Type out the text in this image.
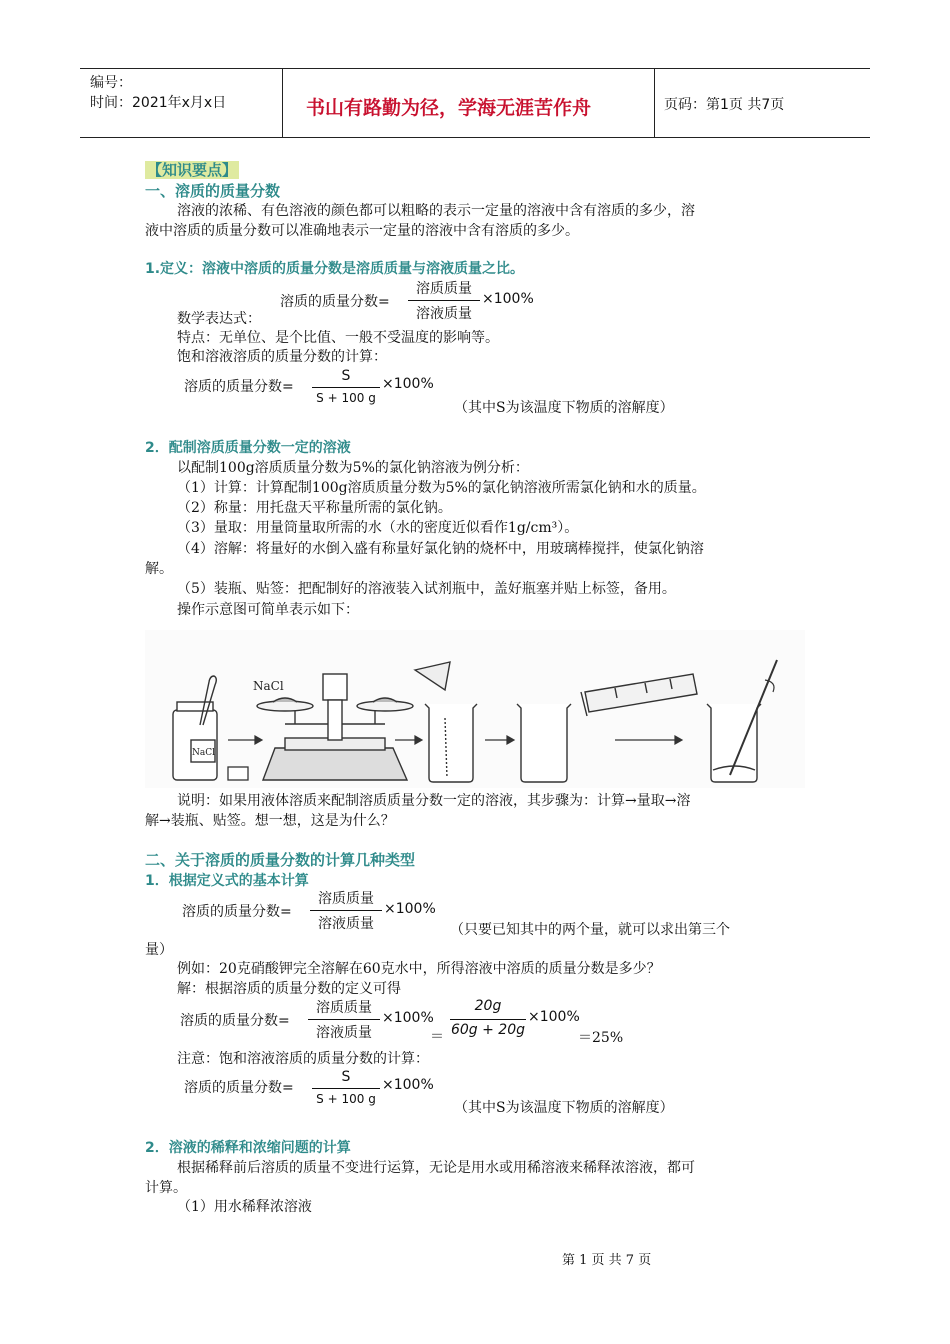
编号：
时间：2021年x月x日	书山有路勤为径，学海无涯苦作舟	页码：第1页 共7页
【知识要点】
一、溶质的质量分数
溶液的浓稀、有色溶液的颜色都可以粗略的表示一定量的溶液中含有溶质的多少，溶
液中溶质的质量分数可以准确地表示一定量的溶液中含有溶质的多少。
1.定义：溶液中溶质的质量分数是溶质质量与溶液质量之比。
溶质的质量分数=
溶质质量
溶液质量
×100%
数学表达式：
特点：无单位、是个比值、一般不受温度的影响等。
饱和溶液溶质的质量分数的计算：
溶质的质量分数=
S
S + 100 g
×100%
（其中S为该温度下物质的溶解度）
2．配制溶质质量分数一定的溶液
以配制100g溶质质量分数为5%的氯化钠溶液为例分析：
（1）计算：计算配制100g溶质质量分数为5%的氯化钠溶液所需氯化钠和水的质量。
（2）称量：用托盘天平称量所需的氯化钠。
（3）量取：用量筒量取所需的水（水的密度近似看作1g/cm³）。
（4）溶解：将量好的水倒入盛有称量好氯化钠的烧杯中，用玻璃棒搅拌，使氯化钠溶
解。
（5）装瓶、贴签：把配制好的溶液装入试剂瓶中，盖好瓶塞并贴上标签，备用。
操作示意图可简单表示如下：
NaCl
NaCl
说明：如果用液体溶质来配制溶质质量分数一定的溶液，其步骤为：计算→量取→溶
解→装瓶、贴签。想一想，这是为什么？
二、关于溶质的质量分数的计算几种类型
1．根据定义式的基本计算
溶质的质量分数=
溶质质量
溶液质量
×100%
（只要已知其中的两个量，就可以求出第三个
量）
例如：20克硝酸钾完全溶解在60克水中，所得溶液中溶质的质量分数是多少？
解：根据溶质的质量分数的定义可得
溶质的质量分数=
溶质质量
溶液质量
×100%
＝
20g
60g + 20g
×100%
＝25%
注意：饱和溶液溶质的质量分数的计算：
溶质的质量分数=
S
S + 100 g
×100%
（其中S为该温度下物质的溶解度）
2．溶液的稀释和浓缩问题的计算
根据稀释前后溶质的质量不变进行运算，无论是用水或用稀溶液来稀释浓溶液，都可
计算。
（1）用水稀释浓溶液
第 1 页 共 7 页
